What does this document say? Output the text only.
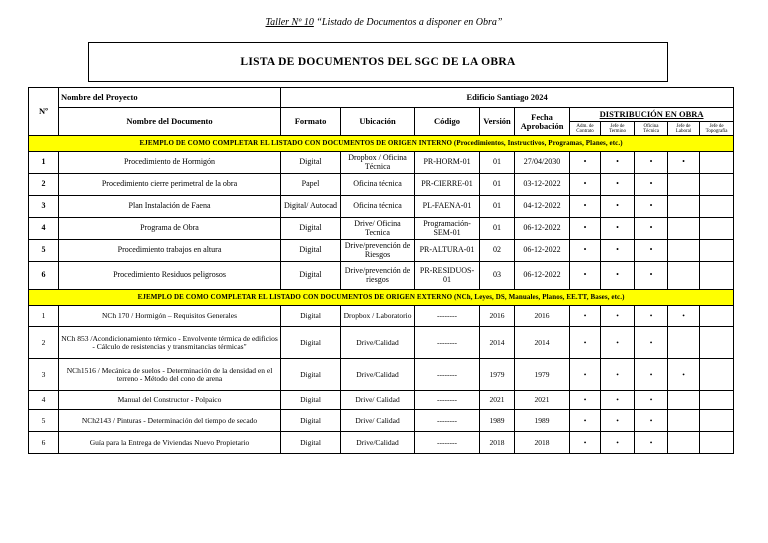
Taller Nº 10 “Listado de Documentos a disponer en Obra”
LISTA DE DOCUMENTOS DEL SGC DE LA OBRA
Nº	Nombre del Proyecto	Edificio Santiago 2024									
	Nombre del Documento	Formato	Ubicación	Código	Versión	Fecha Aprobación	DISTRIBUCIÓN EN OBRA				
							Adm. de Contrato	Jefe de Termino	Oficina Técnica	Jefe de Laboral	Jefe de Topografía
EJEMPLO DE COMO COMPLETAR EL LISTADO CON DOCUMENTOS DE ORIGEN INTERNO (Procedimientos, Instructivos, Programas, Planes, etc.)											
1	Procedimiento de Hormigón	Digital	Dropbox / Oficina Técnica	PR-HORM-01	01	27/04/2030	•	•	•	•	
2	Procedimiento cierre perimetral de la obra	Papel	Oficina técnica	PR-CIERRE-01	01	03-12-2022	•	•	•		
3	Plan Instalación de Faena	Digital/ Autocad	Oficina técnica	PL-FAENA-01	01	04-12-2022	•	•	•		
4	Programa de Obra	Digital	Drive/ Oficina Tecnica	Programación-SEM-01	01	06-12-2022	•	•	•		
5	Procedimiento trabajos en altura	Digital	Drive/prevención de Riesgos	PR-ALTURA-01	02	06-12-2022	•	•	•		
6	Procedimiento Residuos peligrosos	Digital	Drive/prevención de riesgos	PR-RESIDUOS-01	03	06-12-2022	•	•	•		
EJEMPLO DE COMO COMPLETAR EL LISTADO CON DOCUMENTOS DE ORIGEN EXTERNO (NCh, Leyes, DS, Manuales, Planos, EE.TT, Bases, etc.)											
1	NCh 170 / Hormigón – Requisitos Generales	Digital	Dropbox / Laboratorio	--------	2016	2016	•	•	•	•	
2	NCh 853 /Acondicionamiento térmico - Envolvente térmica de edificios - Cálculo de resistencias y transmitancias térmicas"	Digital	Drive/Calidad	--------	2014	2014	•	•	•		
3	NCh1516 / Mecánica de suelos - Determinación de la densidad en el terreno - Método del cono de arena	Digital	Drive/Calidad	--------	1979	1979	•	•	•	•	
4	Manual del Constructor - Polpaico	Digital	Drive/ Calidad	--------	2021	2021	•	•	•		
5	NCh2143 / Pinturas - Determinación del tiempo de secado	Digital	Drive/ Calidad	--------	1989	1989	•	•	•		
6	Guía para la Entrega de Viviendas Nuevo Propietario	Digital	Drive/Calidad	--------	2018	2018	•	•	•		
